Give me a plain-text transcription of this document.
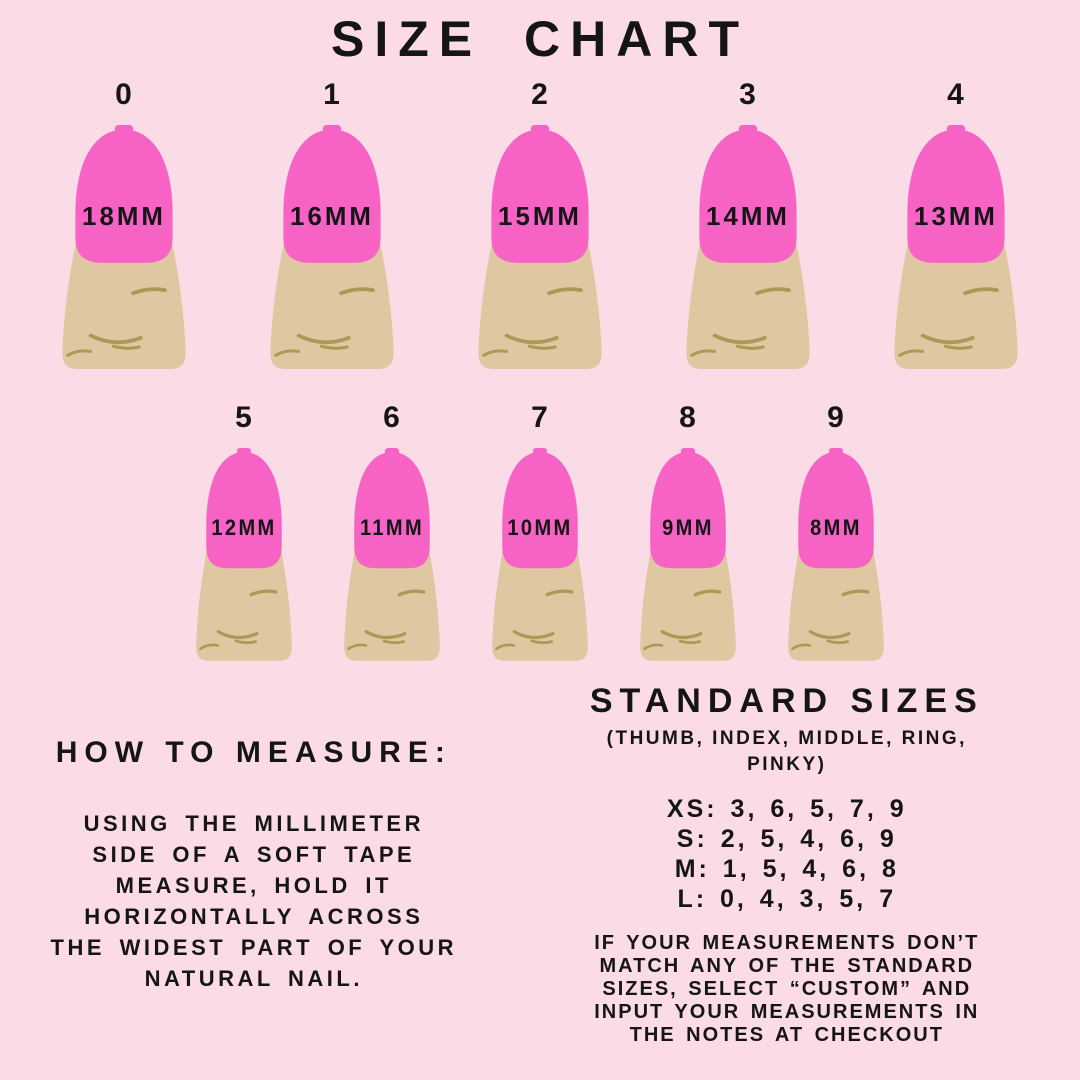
SIZE CHART
0
18MM
1
16MM
2
15MM
3
14MM
4
13MM
5
12MM
6
11MM
7
10MM
8
9MM
9
8MM
HOW TO MEASURE:
USING THE MILLIMETER
SIDE OF A SOFT TAPE
MEASURE, HOLD IT
HORIZONTALLY ACROSS
THE WIDEST PART OF YOUR
NATURAL NAIL.
STANDARD SIZES
(THUMB, INDEX, MIDDLE, RING,
PINKY)
XS: 3, 6, 5, 7, 9
S: 2, 5, 4, 6, 9
M: 1, 5, 4, 6, 8
L: 0, 4, 3, 5, 7
IF YOUR MEASUREMENTS DON’T
MATCH ANY OF THE STANDARD
SIZES, SELECT “CUSTOM” AND
INPUT YOUR MEASUREMENTS IN
THE NOTES AT CHECKOUT
